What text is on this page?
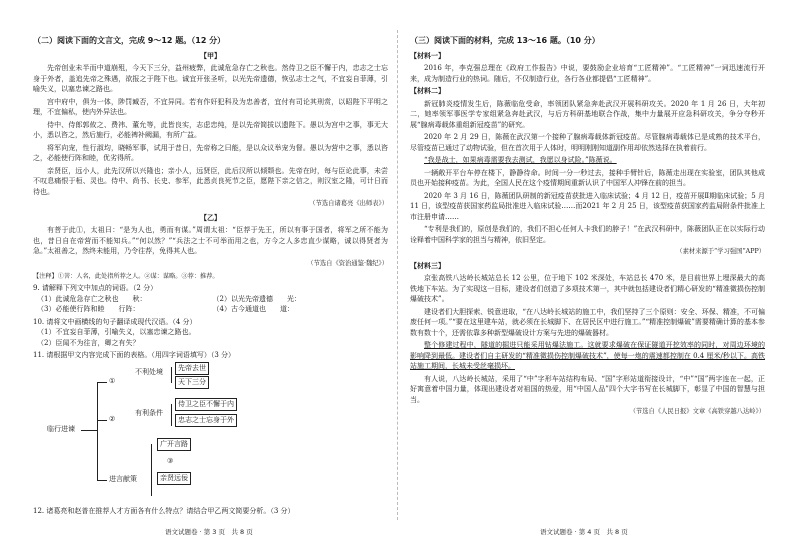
（二）阅读下面的文言文，完成 9～12 题。（12 分）
【甲】

先帝创业未半而中道崩殂，今天下三分，益州疲弊，此诚危急存亡之秋也。然侍卫之臣不懈于内，忠志之士忘身于外者，盖追先帝之殊遇，欲报之于陛下也。诚宜开张圣听，以光先帝遗德，恢弘志士之气，不宜妄自菲薄，引喻失义，以塞忠谏之路也。

宫中府中，俱为一体，陟罚臧否，不宜异同。若有作奸犯科及为忠善者，宜付有司论其刑赏，以昭陛下平明之理，不宜偏私，使内外异法也。

侍中、侍郎郭攸之、费祎、董允等，此皆良实，志虑忠纯，是以先帝简拔以遗陛下。愚以为宫中之事，事无大小，悉以咨之，然后施行，必能裨补阙漏，有所广益。

将军向宠，性行淑均，晓畅军事，试用于昔日，先帝称之曰能，是以众议举宠为督。愚以为营中之事，悉以咨之，必能使行阵和睦，优劣得所。

亲贤臣，远小人，此先汉所以兴隆也；亲小人，远贤臣，此后汉所以倾颓也。先帝在时，每与臣论此事，未尝不叹息痛恨于桓、灵也。侍中、尚书、长史、参军，此悉贞良死节之臣，愿陛下亲之信之，则汉室之隆，可计日而待也。

（节选自诸葛亮《出师表》）
【乙】

有菩于此①，太祖曰：“是为人也，勇而有谋。”周谓太祖：“臣荐于先王，所以有事于国者，将军之所不能为也，昔日自在帝营而不能知兵。”“何以然？”“兵法之士不可举而用之也，方今之人多忠直少谋略，诚以得贤者为急。”太祖善之，然终未能用，乃令往荐，免得其人也。

（节选自《资治通鉴·魏纪》）

【注释】①菩：人名，此处指所荐之人。②谋：谋略。③荐：推荐。

9. 请解释下列文中加点的词语。（2 分）
（1）此诚危急存亡之秋也　　秋：	（2）以光先帝遗德　　光：
（3）必能使行阵和睦　　行阵：	（4）古今通道也　　道：
10. 请将文中画横线的句子翻译成现代汉语。（4 分）
（1）不宜妄自菲薄，引喻失义，以塞忠谏之路也。
（2）臣闻不为往言，卿之有失？
11. 请根据甲文内容完成下面的表格。（用四字词语填写）（3 分）
临行进谏
①
不利处境	先帝去世
天下三分
②
有利条件
侍卫之臣不懈于内
忠志之士忘身于外
进言献策
广开言路
③
亲贤远佞
12. 诸葛亮和赵普在推荐人才方面各有什么特点？请结合甲乙两文简要分析。（3 分）
（三）阅读下面的材料，完成 13～16 题。（10 分）
【材料一】

2016 年，李克强总理在《政府工作报告》中说，要鼓励企业培育“工匠精神”。“工匠精神”一词迅速流行开来，成为制造行业的热词。随后，不仅制造行业，各行各业都提倡“工匠精神”。

【材料二】

新冠肺炎疫情发生后，陈薇临危受命，率领团队紧急奔赴武汉开展科研攻关。2020 年 1 月 26 日，大年初二，她率领军事医学专家组紧急奔赴武汉，与后方科研基地联合作战，集中力量展开应急科研攻关，争分夺秒开展“腺病毒载体重组新冠疫苗”的研究。

2020 年 2 月 29 日，陈薇在武汉第一个接种了腺病毒载体新冠疫苗。尽管腺病毒载体已是成熟的技术平台，尽管疫苗已通过了动物试验，但在首次用于人体时，明明刚刚知道副作用却依然选择在执着前行。

“我是战士，如果病毒需要我去测试，我愿以身试险。”陈薇说。

一辆敞开平台车停在楼下，静静待命。时间一分一秒过去，接种手臂针后，陈薇走出现在实验室，团队其他成员也开始接种疫苗。为此，全国人民在这个疫情期间重新认识了中国军人冲锋在前的担当。

2020 年 3 月 16 日，陈薇团队研制的新冠疫苗获批进入临床试验；4 月 12 日，疫苗开展Ⅱ期临床试验；5 月 11 日，该型疫苗获国家药监局批准进入临床试验……而2021 年 2 月 25 日，该型疫苗获国家药监局附条件批准上市注册申请……

“专利是我们的，原创是我们的，我们不担心任何人卡我们的脖子！”在武汉科研中，陈薇团队正在以实际行动诠释着中国科学家的担当与精神，依旧坚定。

（素材来源于“学习强国”APP）
【材料三】

京张高铁八达岭长城站总长 12 公里，位于地下 102 米深处，车站总长 470 米，是目前世界上埋深最大的高铁地下车站。为了实现这一目标，建设者们创造了多项技术第一，其中就包括建设者们精心研发的“精准微损伤控制爆破技术”。

建设者们大胆探索、锐意进取，“在八达岭长城站的施工中，我们坚持了三个原则：安全、环保、精准，不可偏废任何一项。”“要在这里建车站，就必须在长城脚下、在居民区中进行施工。”“精准控制爆破”需要精确计算的基本参数有数十个，还需依靠多种新型爆破设计方案与先进的爆破器材。

整个修建过程中，隧道的掘进只能采用钻爆法施工。这就要求爆破在保证隧道开挖效率的同时，对周边环境的影响降到最低。建设者们自主研发的“精准微损伤控制爆破技术”，使每一炮的震速都控制在 0.4 厘米/秒以下。高铁站施工期间，长城未受丝毫损坏。

有人说，八达岭长城站，采用了“中”字形车站结构布局、“国”字形站道衔接设计，“中”“国”两字连在一起，正好寓意着中国力量，体现出建设者对祖国的热爱，用“中国人品”四个大字书写在长城脚下，彰显了中国的智慧与担当。

（节选自《人民日报》文章《高铁穿越八达岭》）
语文试题卷 · 第 3 页　共 8 页	语文试题卷 · 第 4 页　共 8 页
